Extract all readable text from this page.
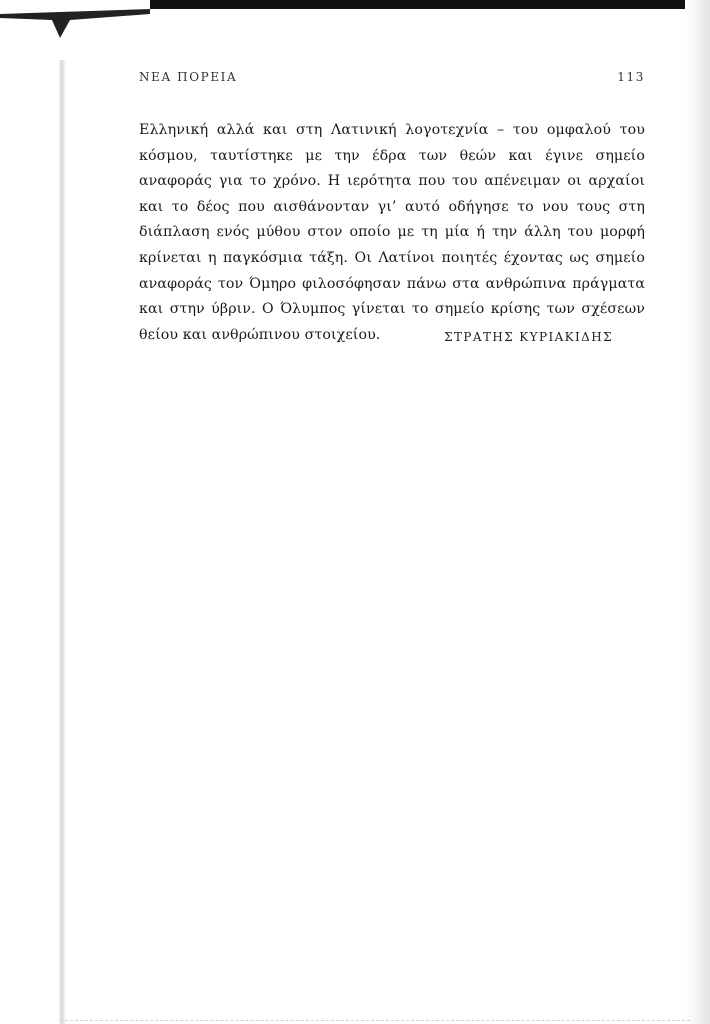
ΝΕΑ ΠΟΡΕΙΑ	113

Ελληνική αλλά και στη Λατινική λογοτεχνία – του ομφαλού του κόσμου, ταυτίστηκε με την έδρα των θεών και έγινε σημείο αναφοράς για το χρόνο. Η ιερότητα που του απένειμαν οι αρχαίοι και το δέος που αισθάνονταν γι’ αυτό οδήγησε το νου τους στη διάπλαση ενός μύθου στον οποίο με τη μία ή την άλλη του μορφή κρίνεται η παγκόσμια τάξη. Οι Λατίνοι ποιητές έχοντας ως σημείο αναφοράς τον Όμηρο φιλοσόφησαν πάνω στα ανθρώπινα πράγματα και στην ύβριν. Ο Όλυμπος γίνεται το σημείο κρίσης των σχέσεων θείου και ανθρώπινου στοιχείου.	ΣΤΡΑΤΗΣ ΚΥΡΙΑΚΙΔΗΣ
